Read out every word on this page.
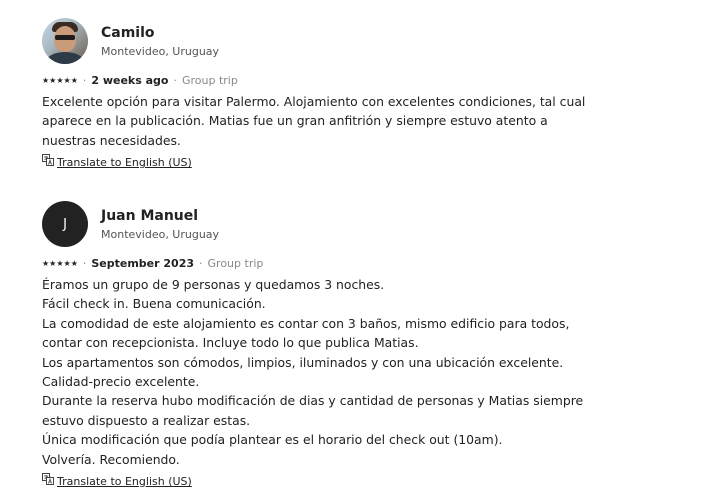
Camilo
Montevideo, Uruguay
★★★★★ · 2 weeks ago · Group trip

Excelente opción para visitar Palermo. Alojamiento con excelentes condiciones, tal cual

aparece en la publicación. Matias fue un gran anfitrión y siempre estuvo atento a

nuestras necesidades.

Translate to English (US)
J
Juan Manuel
Montevideo, Uruguay
★★★★★ · September 2023 · Group trip

Éramos un grupo de 9 personas y quedamos 3 noches.

Fácil check in. Buena comunicación.

La comodidad de este alojamiento es contar con 3 baños, mismo edificio para todos,

contar con recepcionista. Incluye todo lo que publica Matias.

Los apartamentos son cómodos, limpios, iluminados y con una ubicación excelente.

Calidad-precio excelente.

Durante la reserva hubo modificación de dias y cantidad de personas y Matias siempre

estuvo dispuesto a realizar estas.

Única modificación que podía plantear es el horario del check out (10am).

Volvería. Recomiendo.

Translate to English (US)
